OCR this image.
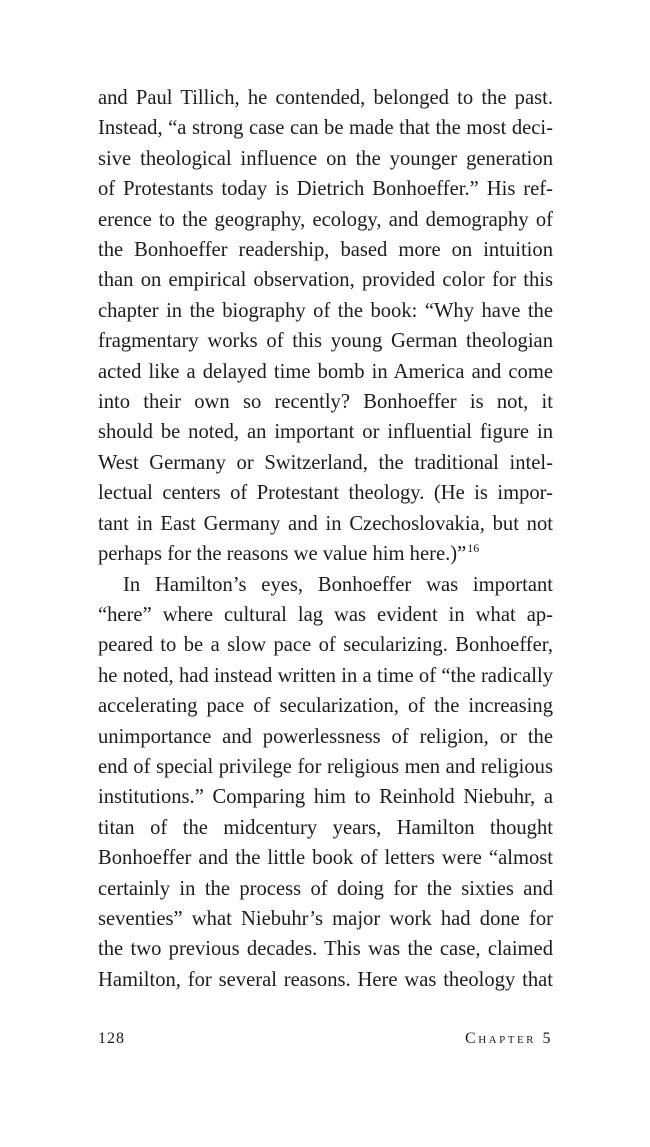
and Paul Tillich, he contended, belonged to the past.
Instead, “a strong case can be made that the most deci-
sive theological influence on the younger generation
of Protestants today is Dietrich Bonhoeffer.” His ref-
erence to the geography, ecology, and demography of
the Bonhoeffer readership, based more on intuition
than on empirical observation, provided color for this
chapter in the biography of the book: “Why have the
fragmentary works of this young German theologian
acted like a delayed time bomb in America and come
into their own so recently? Bonhoeffer is not, it
should be noted, an important or influential figure in
West Germany or Switzerland, the traditional intel-
lectual centers of Protestant theology. (He is impor-
tant in East Germany and in Czechoslovakia, but not
perhaps for the reasons we value him here.)”$^{16}$
In Hamilton’s eyes, Bonhoeffer was important
“here” where cultural lag was evident in what ap-
peared to be a slow pace of secularizing. Bonhoeffer,
he noted, had instead written in a time of “the radically
accelerating pace of secularization, of the increasing
unimportance and powerlessness of religion, or the
end of special privilege for religious men and religious
institutions.” Comparing him to Reinhold Niebuhr, a
titan of the midcentury years, Hamilton thought
Bonhoeffer and the little book of letters were “almost
certainly in the process of doing for the sixties and
seventies” what Niebuhr’s major work had done for
the two previous decades. This was the case, claimed
Hamilton, for several reasons. Here was theology that
128	Chapter 5
